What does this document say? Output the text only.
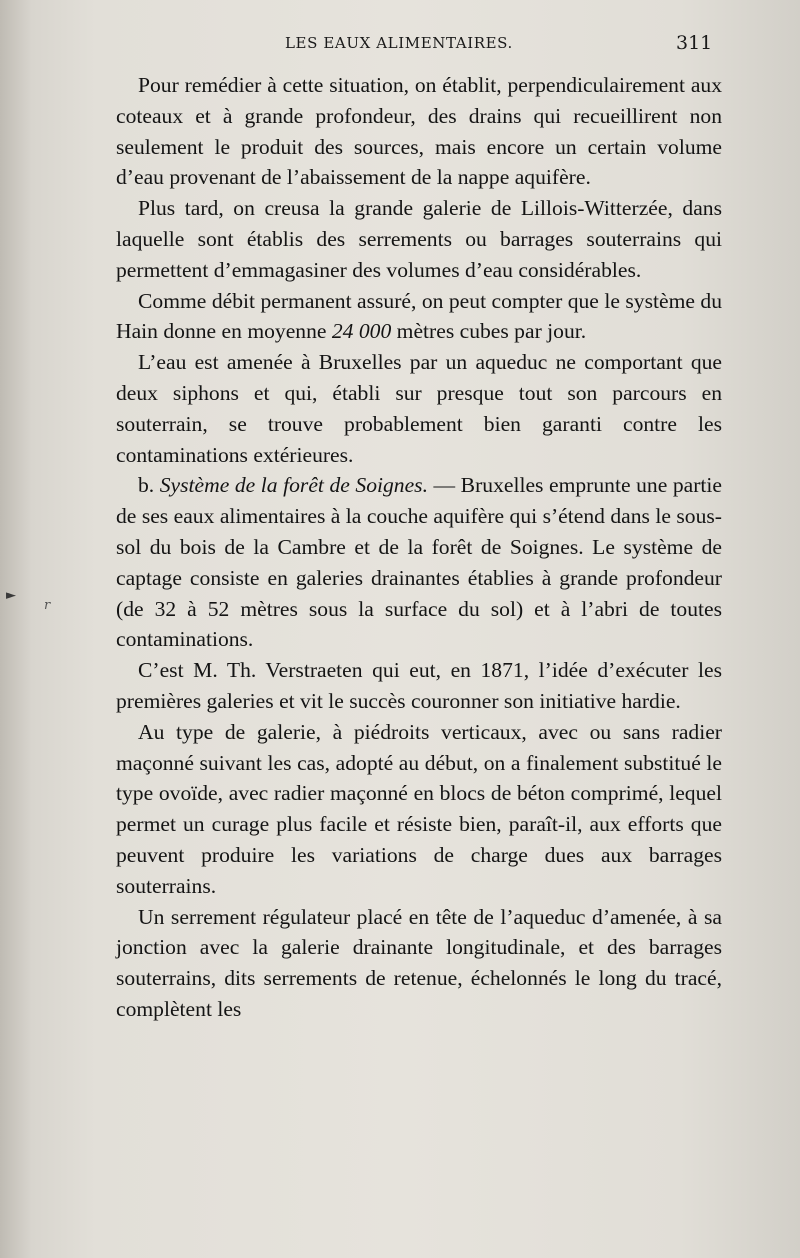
LES EAUX ALIMENTAIRES.	311

Pour remédier à cette situation, on établit, perpendiculairement aux coteaux et à grande profondeur, des drains qui recueillirent non seulement le produit des sources, mais encore un certain volume d’eau provenant de l’abaissement de la nappe aquifère.

Plus tard, on creusa la grande galerie de Lillois-Witterzée, dans laquelle sont établis des serrements ou barrages souterrains qui permettent d’emmagasiner des volumes d’eau considérables.

Comme débit permanent assuré, on peut compter que le système du Hain donne en moyenne 24 000 mètres cubes par jour.

L’eau est amenée à Bruxelles par un aqueduc ne comportant que deux siphons et qui, établi sur presque tout son parcours en souterrain, se trouve probablement bien garanti contre les contaminations extérieures.

b. Système de la forêt de Soignes. — Bruxelles emprunte une partie de ses eaux alimentaires à la couche aquifère qui s’étend dans le sous-sol du bois de la Cambre et de la forêt de Soignes. Le système de captage consiste en galeries drainantes établies à grande profondeur (de 32 à 52 mètres sous la surface du sol) et à l’abri de toutes contaminations.

C’est M. Th. Verstraeten qui eut, en 1871, l’idée d’exécuter les premières galeries et vit le succès couronner son initiative hardie.

Au type de galerie, à piédroits verticaux, avec ou sans radier maçonné suivant les cas, adopté au début, on a finalement substitué le type ovoïde, avec radier maçonné en blocs de béton comprimé, lequel permet un curage plus facile et résiste bien, paraît-il, aux efforts que peuvent produire les variations de charge dues aux barrages souterrains.

Un serrement régulateur placé en tête de l’aqueduc d’amenée, à sa jonction avec la galerie drainante longitudinale, et des barrages souterrains, dits serrements de retenue, échelonnés le long du tracé, complètent les

►
r
